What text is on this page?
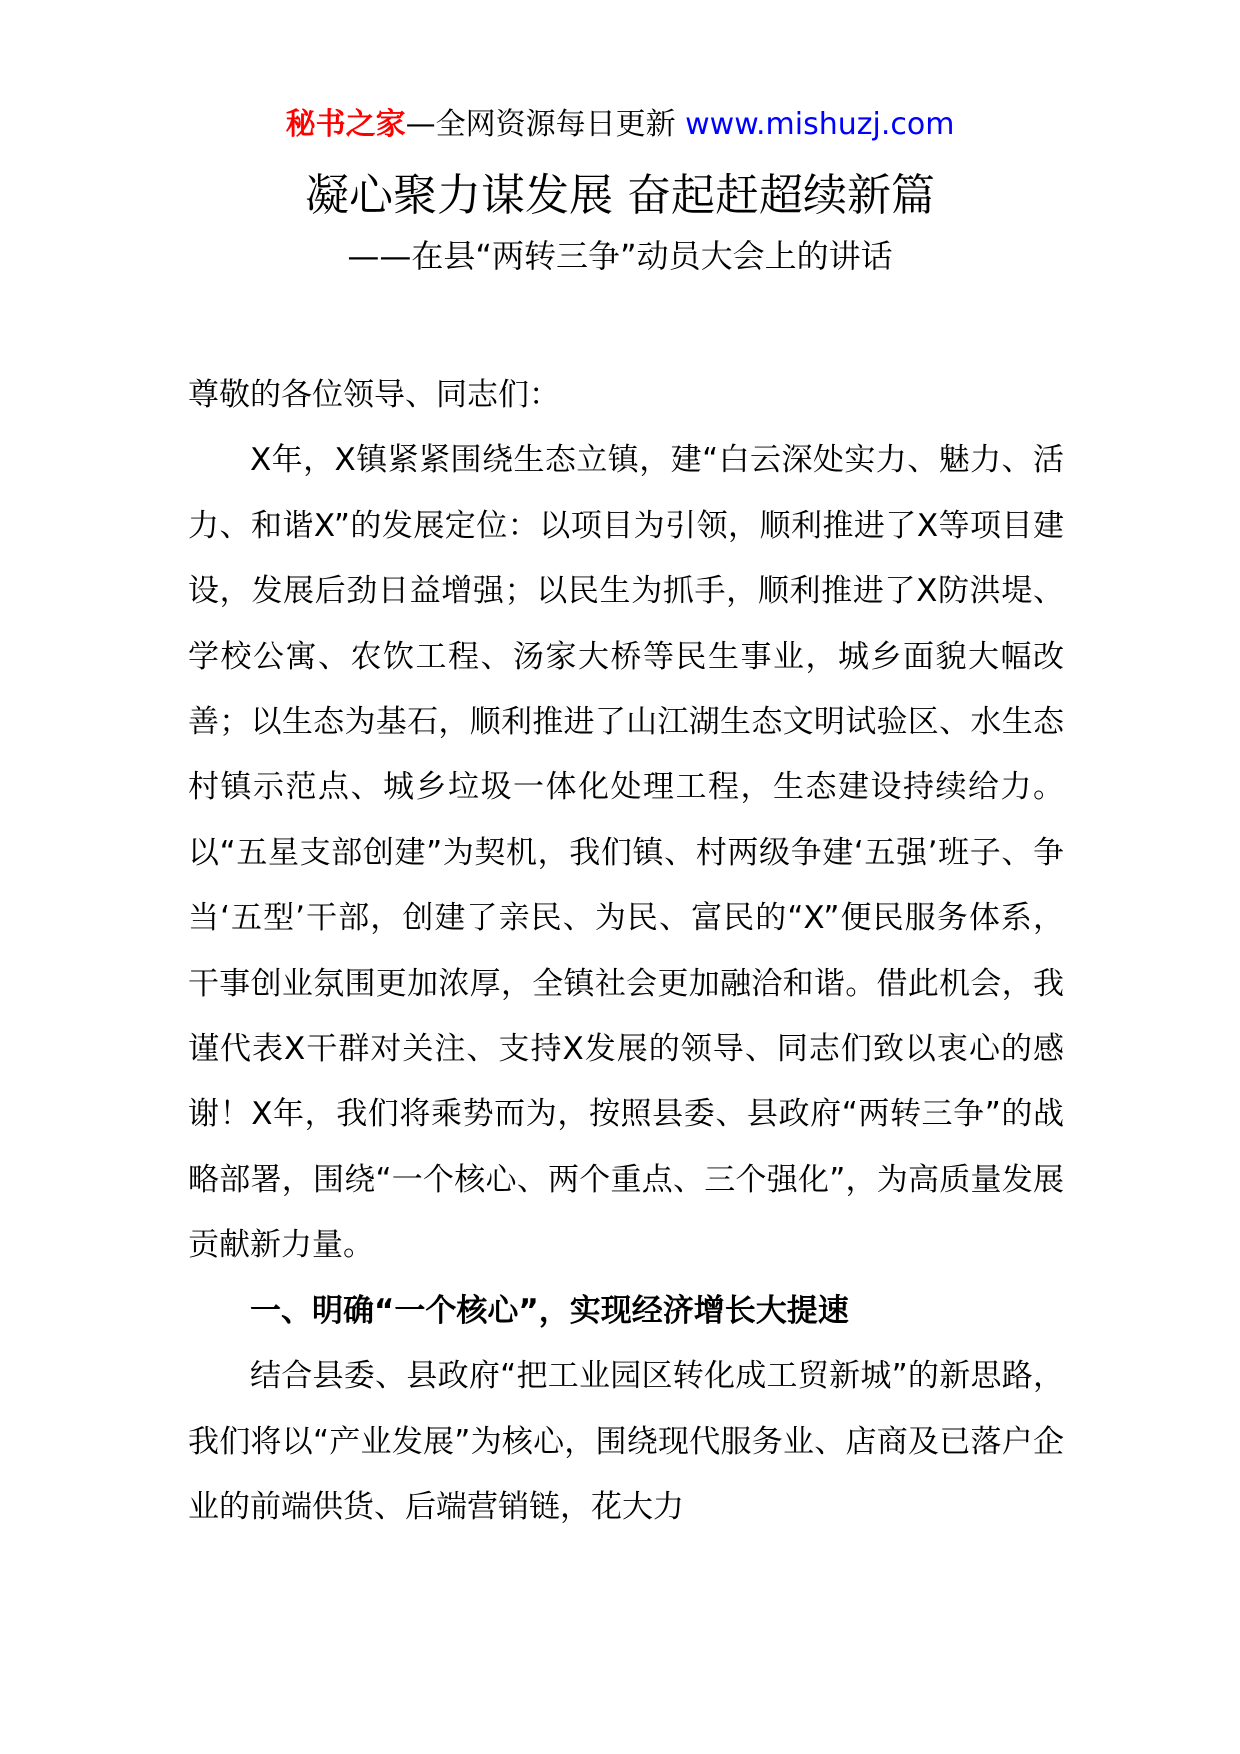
秘书之家—全网资源每日更新 www.mishuzj.com
凝心聚力谋发展 奋起赶超续新篇
——在县“两转三争”动员大会上的讲话

尊敬的各位领导、同志们：

X年，X镇紧紧围绕生态立镇，建“白云深处实力、魅力、活力、和谐X”的发展定位：以项目为引领，顺利推进了X等项目建设，发展后劲日益增强；以民生为抓手，顺利推进了X防洪堤、学校公寓、农饮工程、汤家大桥等民生事业，城乡面貌大幅改善；以生态为基石，顺利推进了山江湖生态文明试验区、水生态村镇示范点、城乡垃圾一体化处理工程，生态建设持续给力。以“五星支部创建”为契机，我们镇、村两级争建‘五强’班子、争当‘五型’干部，创建了亲民、为民、富民的“X”便民服务体系，干事创业氛围更加浓厚，全镇社会更加融洽和谐。借此机会，我谨代表X干群对关注、支持X发展的领导、同志们致以衷心的感谢！X年，我们将乘势而为，按照县委、县政府“两转三争”的战略部署，围绕“一个核心、两个重点、三个强化”，为高质量发展贡献新力量。

一、明确“一个核心”，实现经济增长大提速

结合县委、县政府“把工业园区转化成工贸新城”的新思路，我们将以“产业发展”为核心，围绕现代服务业、店商及已落户企业的前端供货、后端营销链，花大力
